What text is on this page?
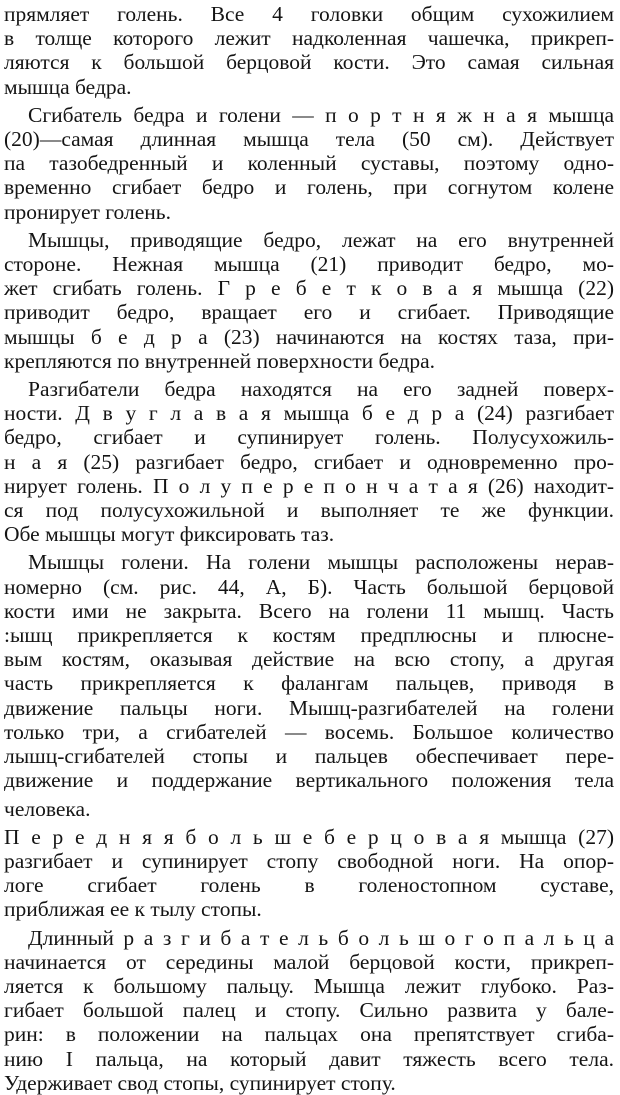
прямляет голень. Все 4 головки общим сухожилием
в толще которого лежит надколенная чашечка, прикреп-
ляются к большой берцовой кости. Это самая сильная
мышца бедра.
Сгибатель бедра и голени — п о р т н я ж н а я мышца
(20)—самая длинная мышца тела (50 см). Действует
па тазобедренный и коленный суставы, поэтому одно-
временно сгибает бедро и голень, при согнутом колене
пронирует голень.
Мышцы, приводящие бедро, лежат на его внутренней
стороне. Нежная мышца (21) приводит бедро, мо-
жет сгибать голень. Г р е б е т к о в а я мышца (22)
приводит бедро, вращает его и сгибает. Приводящие
мышцы б е д р а (23) начинаются на костях таза, при-
крепляются по внутренней поверхности бедра.
Разгибатели бедра находятся на его задней поверх-
ности. Д в у г л а в а я мышца б е д р а (24) разгибает
бедро, сгибает и супинирует голень. Полусухожиль-
н а я (25) разгибает бедро, сгибает и одновременно про-
нирует голень. П о л у п е р е п о н ч а т а я (26) находит-
ся под полусухожильной и выполняет те же функции.
Обе мышцы могут фиксировать таз.
Мышцы голени. На голени мышцы расположены нерав-
номерно (см. рис. 44, А, Б). Часть большой берцовой
кости ими не закрыта. Всего на голени 11 мышц. Часть
:ышц прикрепляется к костям предплюсны и плюсне-
вым костям, оказывая действие на всю стопу, а другая
часть прикрепляется к фалангам пальцев, приводя в
движение пальцы ноги. Мышц-разгибателей на голени
только три, а сгибателей — восемь. Большое количество
лышц-сгибателей стопы и пальцев обеспечивает пере-
движение и поддержание вертикального положения тела
человека.
П е р е д н я я б о л ь ш е б е р ц о в а я мышца (27)
разгибает и супинирует стопу свободной ноги. На опор-
логе сгибает голень в голеностопном суставе,
приближая ее к тылу стопы.
Длинный р а з г и б а т е л ь б о л ь ш о г о п а л ь ц а
начинается от середины малой берцовой кости, прикреп-
ляется к большому пальцу. Мышца лежит глубоко. Раз-
гибает большой палец и стопу. Сильно развита у бале-
рин: в положении на пальцах она препятствует сгиба-
нию I пальца, на который давит тяжесть всего тела.
Удерживает свод стопы, супинирует стопу.
